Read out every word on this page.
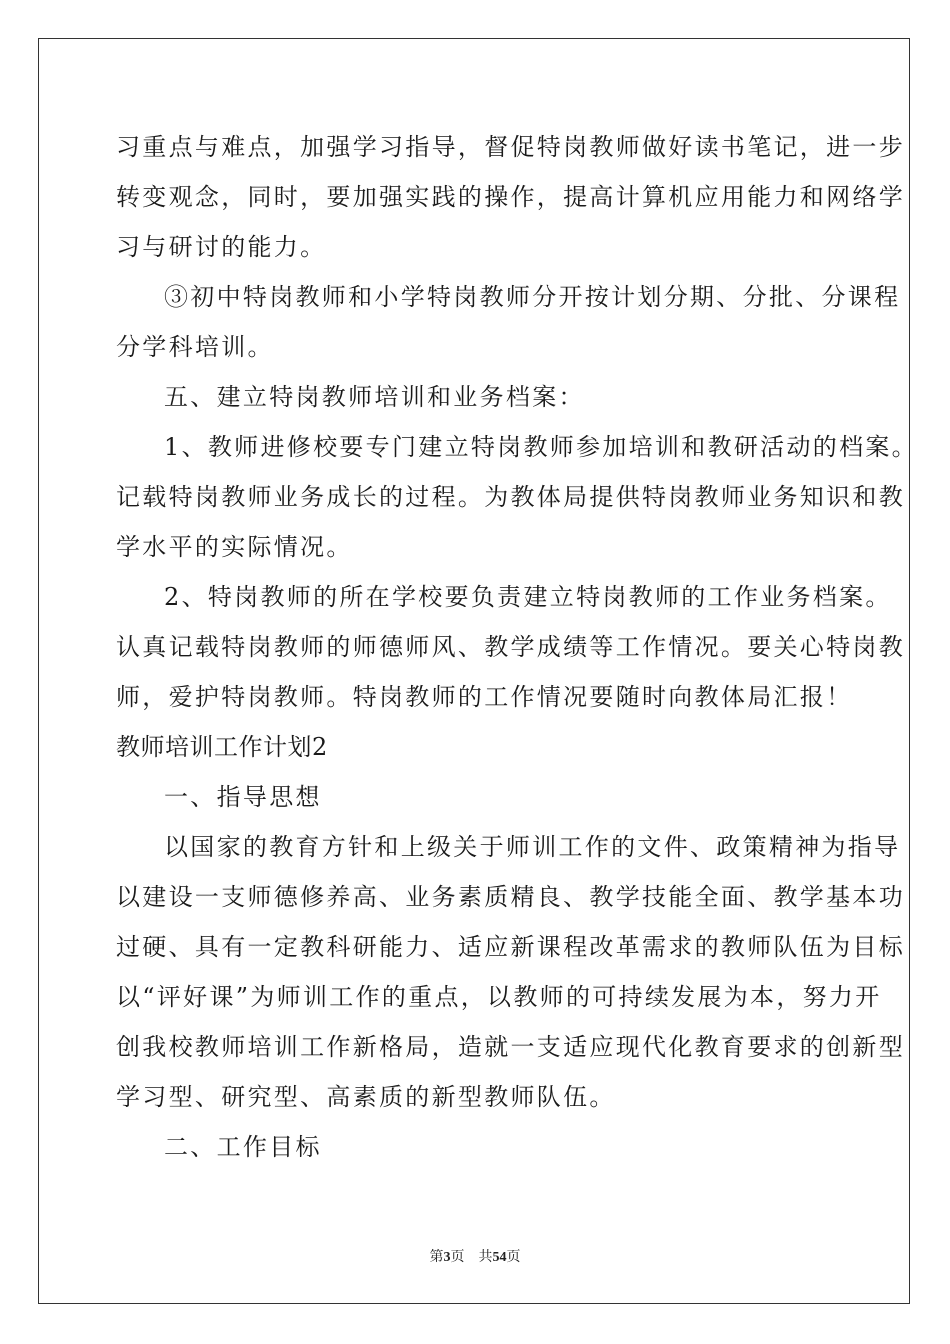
习重点与难点，加强学习指导，督促特岗教师做好读书笔记，进一步
转变观念，同时，要加强实践的操作，提高计算机应用能力和网络学
习与研讨的能力。
③初中特岗教师和小学特岗教师分开按计划分期、分批、分课程
分学科培训。
五、建立特岗教师培训和业务档案：
1、教师进修校要专门建立特岗教师参加培训和教研活动的档案。
记载特岗教师业务成长的过程。为教体局提供特岗教师业务知识和教
学水平的实际情况。
2、特岗教师的所在学校要负责建立特岗教师的工作业务档案。
认真记载特岗教师的师德师风、教学成绩等工作情况。要关心特岗教
师，爱护特岗教师。特岗教师的工作情况要随时向教体局汇报！
教师培训工作计划2
一、指导思想
以国家的教育方针和上级关于师训工作的文件、政策精神为指导
以建设一支师德修养高、业务素质精良、教学技能全面、教学基本功
过硬、具有一定教科研能力、适应新课程改革需求的教师队伍为目标
以“评好课”为师训工作的重点，以教师的可持续发展为本，努力开
创我校教师培训工作新格局，造就一支适应现代化教育要求的创新型
学习型、研究型、高素质的新型教师队伍。
二、工作目标
第3页 共54页
